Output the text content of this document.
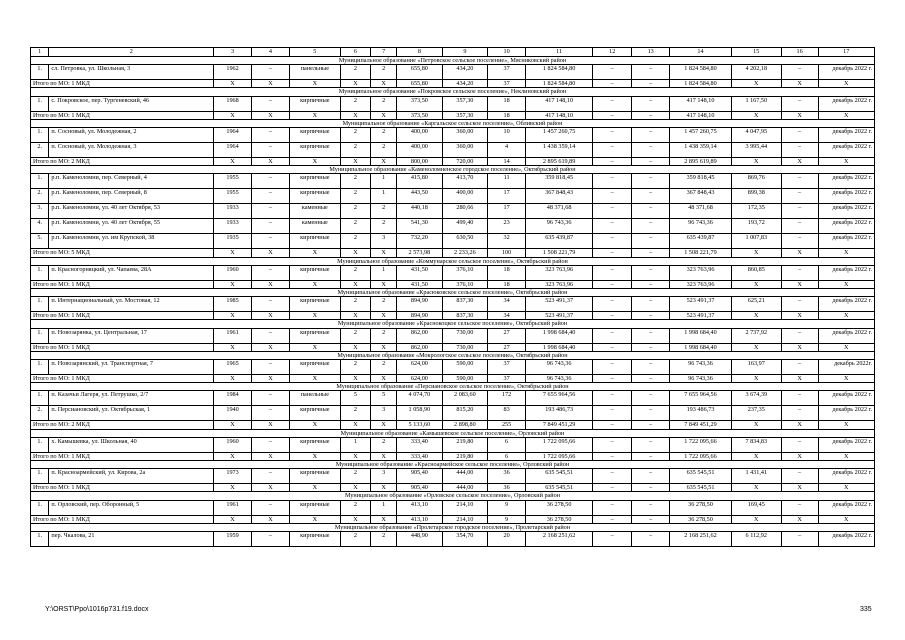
1	2	3	4	5	6	7	8	9	10	11	12	13	14	15	16	17
Муниципальное образование «Петровское сельское поселение», Мясниковский район																
1.	сл. Петровка, ул. Школьная, 3	1962	–	панельные	2	2	655,80	434,20	37	1 824 584,80	–	–	1 824 584,80	4 202,18	–	декабрь 2022 г.
Итого по МО: 1 МКД		Х	Х	Х	Х	Х	655,80	434,20	37	1 824 584,80	–	–	1 824 584,80	Х	Х	Х
Муниципальное образование «Покровское сельское поселение», Неклиновский район																
1.	с. Покровское, пер. Тургеневский, 46	1968	–	кирпичные	2	2	373,50	357,30	18	417 148,10	–	–	417 148,10	1 167,50	–	декабрь 2022 г.
Итого по МО: 1 МКД		Х	Х	Х	Х	Х	373,50	357,30	18	417 148,10	–	–	417 148,10	Х	Х	Х
Муниципальное образование «Каргальское сельское поселение», Обливский район																
1.	п. Сосновый, ул. Молодежная, 2	1964	–	кирпичные	2	2	400,00	360,00	10	1 457 260,75	–	–	1 457 260,75	4 047,95	–	декабрь 2022 г.
2.	п. Сосновый, ул. Молодежная, 3	1964	–	кирпичные	2	2	400,00	360,00	4	1 438 359,14	–	–	1 438 359,14	3 995,44	–	декабрь 2022 г.
Итого по МО: 2 МКД		Х	Х	Х	Х	Х	800,00	720,00	14	2 895 619,89	–	–	2 895 619,89	Х	Х	Х
Муниципальное образование «Каменоломненское городское поселение», Октябрьский район																
1.	р.п. Каменоломни, пер. Северный, 4	1955	–	кирпичные	2	1	415,80	413,70	11	359 818,45	–	–	359 818,45	869,76	–	декабрь 2022 г.
2.	р.п. Каменоломни, пер. Северный, 8	1955	–	кирпичные	2	1	443,50	400,00	17	367 848,43	–	–	367 848,43	899,38	–	декабрь 2022 г.
3.	р.п. Каменоломни, ул. 40 лет Октября, 53	1933	–	каменные	2	2	440,18	280,66	17	48 371,68	–	–	48 371,68	172,35	–	декабрь 2022 г.
4.	р.п. Каменоломни, ул. 40 лет Октября, 55	1933	–	каменные	2	2	541,30	499,40	23	96 743,36	–	–	96 743,36	193,72	–	декабрь 2022 г.
5.	р.п. Каменоломни, ул. им Крупской, 38	1935	–	кирпичные	2	3	732,20	630,50	32	635 439,87	–	–	635 439,87	1 007,83	–	декабрь 2022 г.
Итого по МО: 5 МКД		Х	Х	Х	Х	Х	2 573,98	2 233,26	100	1 508 221,79	–	–	1 508 221,79	Х	Х	Х
Муниципальное образование «Коммунарское сельское поселение», Октябрьский район																
1.	п. Красногорняцкий, ул. Чапаева, 28А	1960	–	кирпичные	2	1	431,50	376,10	18	323 763,96	–	–	323 763,96	860,85	–	декабрь 2022 г.
Итого по МО: 1 МКД		Х	Х	Х	Х	Х	431,50	376,10	18	323 763,96	–	–	323 763,96	Х	Х	Х
Муниципальное образование «Красюковское сельское поселение», Октябрьский район																
1.	п. Интернациональный, ул. Мостовая, 12	1985	–	кирпичные	2	2	894,90	837,30	34	523 491,37	–	–	523 491,37	625,21	–	декабрь 2022 г.
Итого по МО: 1 МКД		Х	Х	Х	Х	Х	894,90	837,30	34	523 491,37	–	–	523 491,37	Х	Х	Х
Муниципальное образование «Краснокоцкое сельское поселение», Октябрьский район																
1.	п. Новозарянка, ул. Центральная, 17	1961	–	кирпичные	2	2	862,00	730,00	27	1 998 684,40	–	–	1 998 684,40	2 737,92	–	декабрь 2022 г.
Итого по МО: 1 МКД		Х	Х	Х	Х	Х	862,00	730,00	27	1 998 684,40	–	–	1 998 684,40	Х	Х	Х
Муниципальное образование «Мокрологское сельское поселение», Октябрьский район																
1.	п. Новозарянский, ул. Транспортная, 7	1965	–	кирпичные	2	2	624,00	590,00	37	96 743,36	–	–	96 743,36	163,97	–	декабрь 2022г.
Итого по МО: 1 МКД		Х	Х	Х	Х	Х	624,00	590,00	37	96 743,36	–	–	96 743,36	Х	Х	Х
Муниципальное образование «Персиановское сельское поселение», Октябрьский район																
1.	п. Казачьи Лагеря, ул. Петрушко, 2/7	1984	–	панельные	5	5	4 074,70	2 083,60	172	7 655 964,56	–	–	7 655 964,56	3 674,39	–	декабрь 2022 г.
2.	п. Персиановский, ул. Октябрьская, 1	1940	–	кирпичные	2	3	1 058,90	815,20	83	193 486,73	–	–	193 486,73	237,35	–	декабрь 2022 г.
Итого по МО: 2 МКД		Х	Х	Х	Х	Х	5 133,60	2 898,80	255	7 849 451,29	–	–	7 849 451,29	Х	Х	Х
Муниципальное образование «Камышевское сельское поселение», Орловский район																
1.	х. Камышевка, ул. Школьная, 40	1960	–	кирпичные	1	2	333,40	219,80	6	1 722 095,66	–	–	1 722 095,66	7 834,83	–	декабрь 2022 г.
Итого по МО: 1 МКД		Х	Х	Х	Х	Х	333,40	219,80	6	1 722 095,66	–	–	1 722 095,66	Х	Х	Х
Муниципальное образование «Красноармейское сельское поселение», Орловский район																
1.	п. Красноармейский, ул. Кирова, 2а	1973	–	кирпичные	2	3	905,40	444,00	36	635 545,51	–	–	635 545,51	1 431,41	–	декабрь 2022 г.
Итого по МО: 1 МКД		Х	Х	Х	Х	Х	905,40	444,00	36	635 545,51	–	–	635 545,51	Х	Х	Х
Муниципальное образование «Орловское сельское поселение», Орловский район																
1.	п. Орловский, пер. Оборонный, 5	1961	–	кирпичные	2	1	413,10	214,10	9	36 278,50	–	–	36 278,50	169,45	–	декабрь 2022 г.
Итого по МО: 1 МКД		Х	Х	Х	Х	Х	413,10	214,10	9	36 278,50	–	–	36 278,50	Х	Х	Х
Муниципальное образование «Пролетарское городское поселение», Пролетарский район																
1.	пер. Чкалова, 21	1959	–	кирпичные	2	2	448,90	354,70	20	2 168 251,62	–	–	2 168 251,62	6 112,92	–	декабрь 2022 г.
Y:\ORST\Ppo\1016p731.f19.docx	335
